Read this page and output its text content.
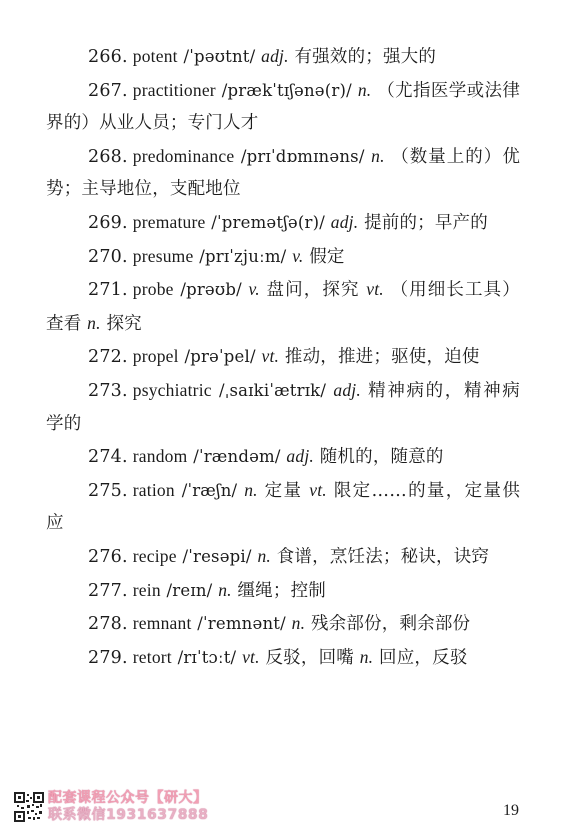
266. potent /ˈpəʊtnt/ adj. 有强效的；强大的
267. practitioner /prækˈtɪʃənə(r)/ n. （尤指医学或法律界的）从业人员；专门人才
268. predominance /prɪˈdɒmɪnəns/ n. （数量上的）优势；主导地位，支配地位
269. premature /ˈpremətʃə(r)/ adj. 提前的；早产的
270. presume /prɪˈzjuːm/ v. 假定
271. probe /prəʊb/ v. 盘问，探究 vt. （用细长工具）查看 n. 探究
272. propel /prəˈpel/ vt. 推动，推进；驱使，迫使
273. psychiatric /ˌsaɪkiˈætrɪk/ adj. 精神病的，精神病学的
274. random /ˈrændəm/ adj. 随机的，随意的
275. ration /ˈræʃn/ n. 定量 vt. 限定……的量，定量供应
276. recipe /ˈresəpi/ n. 食谱，烹饪法；秘诀，诀窍
277. rein /reɪn/ n. 缰绳；控制
278. remnant /ˈremnənt/ n. 残余部份，剩余部份
279. retort /rɪˈtɔːt/ vt. 反驳，回嘴 n. 回应，反驳
配套课程公众号【研大】
联系微信1931637888	19
